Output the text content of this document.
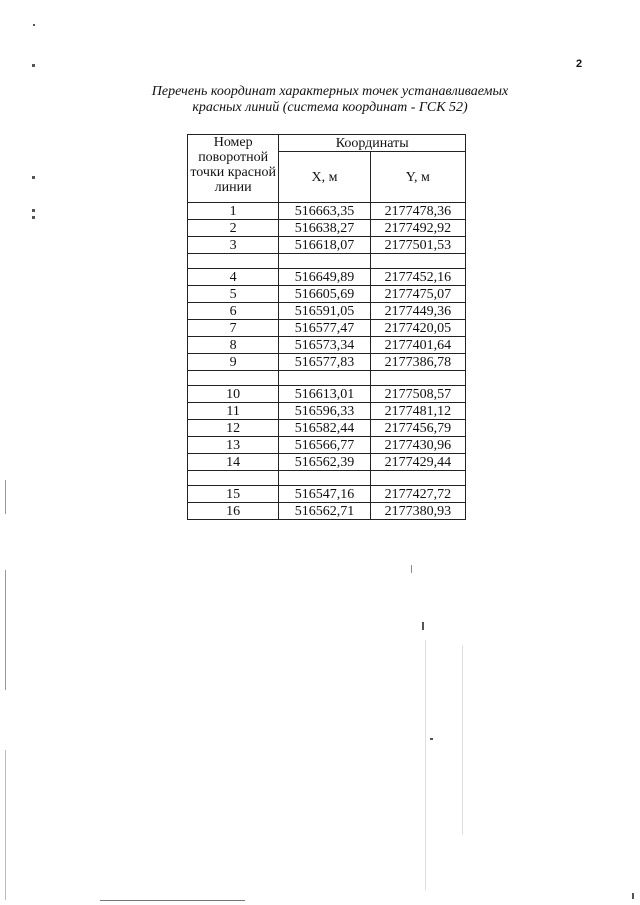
2
Перечень координат характерных точек устанавливаемых
красных линий (система координат - ГСК 52)
Номер
поворотной
точки красной
линии	Координаты	
	Х, м	Y, м
1	516663,35	2177478,36
2	516638,27	2177492,92
3	516618,07	2177501,53

4	516649,89	2177452,16
5	516605,69	2177475,07
6	516591,05	2177449,36
7	516577,47	2177420,05
8	516573,34	2177401,64
9	516577,83	2177386,78

10	516613,01	2177508,57
11	516596,33	2177481,12
12	516582,44	2177456,79
13	516566,77	2177430,96
14	516562,39	2177429,44

15	516547,16	2177427,72
16	516562,71	2177380,93
